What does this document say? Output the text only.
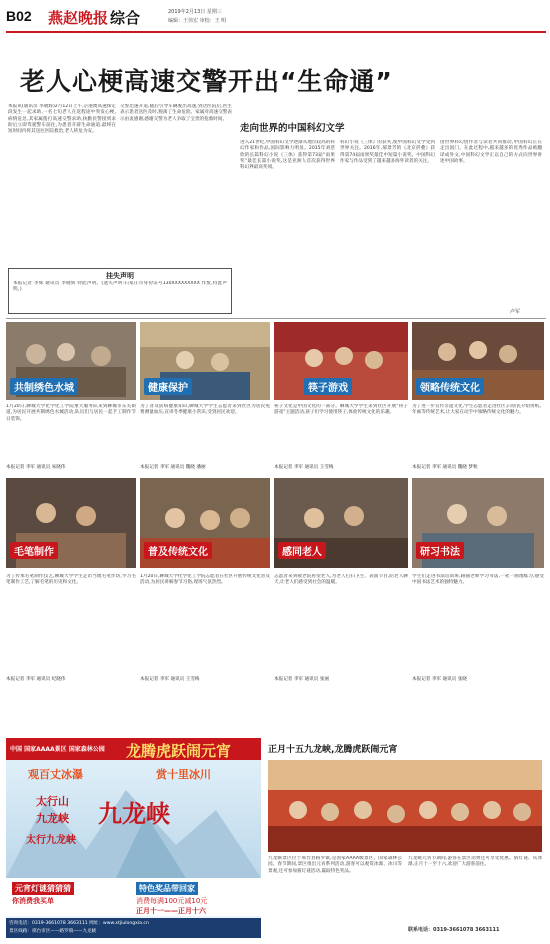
B02 燕赵晚报 综合	2019年2月13日 星期三
编辑：王伟宏 审校：王 明
老人心梗高速交警开出“生命通”
本报讯(通讯员 李晓辉)2月12日上午,京港澳高速保定段发生一起求助,一名七旬老人在返程途中突发心梗,病情危急,其家属拨打高速交警求助,执勤民警接到求助后立即驾驶警车前往,为患者开辟生命通道,最终在短时间内将其送往医院救治,老人转危为安。
交警迅速开道,随后引导车辆驶出高速,到达医院后,医生表示患者送医及时,脱离了生命危险。家属对高速交警表示由衷感谢,感谢交警为老人争取了宝贵的抢救时间。
挂失声明
本报记者 李辉 通讯员 李晓辉 特此声明。(遗失声明:石家庄市身份证号130XXXXXXXXX 作废,特此声明。)
走向世界的中国科幻文学
进入21世纪,中国科幻文学逐渐从地位较高的科幻作家和作品,国际影响力明显。2015年刘慈欣的长篇科幻小说《三体》获得第73届“雨果奖”最佳长篇小说奖,这是亚洲人首次获得世界科幻界最高奖项。
科幻小说《三体》的获奖,使中国科幻文学受到世界关注。2016年,郝景芳的《北京折叠》获得第74届雨果奖最佳中短篇小说奖。中国科幻作家与作品受到了越来越多海外读者的关注。
由世界科幻创作者与读者共同推动,中国科幻正在走出国门。在此过程中,越来越多的优秀作品被翻译成外文,中国科幻文学正以自己的方式向世界讲述中国故事。
卢军
共制绣色水城	健康保护	筷子游戏	领略传统文化
1月20日,聊城大学化学化工学院重大服务队来到聊城市东关街道,为居民开展共制绣色水城活动,队员们与居民一起手工制作节日装饰。
为了普及防病健康知识,聊城大学学生志愿者来到社区为居民免费测量血压,宣讲冬季健康小常识,受到居民欢迎。
筷子文化是中国文化的一部分。聊城大学学生来到社区开展“筷子游戏”主题活动,孩子们学习使用筷子,体验传统文化的乐趣。
为了进一步宣传非遗文化,学生志愿者走进社区,向居民介绍剪纸、年画等传统艺术,让大家在动手中领略传统文化的魅力。
本报记者 李军 通讯员 朱晓伟	本报记者 李军 通讯员 魏晓 潘丽	本报记者 李军 通讯员 王雪梅	本报记者 李军 通讯员 魏晓 梦秋
毛笔制作	普及传统文化	感同老人	研习书法
为了传承毛笔制作技艺,聊城大学学生走访当地毛笔作坊,学习毛笔制作工艺,了解毛笔的历史和文化。
1月20日,聊城大学化学化工学院志愿者在社区开展传统文化普及活动,为居民讲解春节习俗,现场气氛热烈。
志愿者来到敬老院看望老人,为老人打扫卫生、表演节目,陪老人聊天,让老人们感受到社会的温暖。
学生们走进书法培训班,跟随老师学习书法,一笔一画地练习,感受中国书法艺术的独特魅力。
本报记者 李军 通讯员 纪晓伟	本报记者 李军 通讯员 王雪梅	本报记者 李军 通讯员 张丽	本报记者 李军 通讯员 张晓
中国 国家AAAA景区 国家森林公园 龙腾虎跃闹元宵
观百丈冰瀑	赏十里冰川
九龙峡
太行山
九龙峡
太行九龙峡
元宵灯谜猜猜猜	特色奖品带回家
你消费我买单	消费每满100元减10元
正月十一——正月十六
咨询电话：0319-3661078 3663111 网址：www.xtjiulongxia.cn
景区线路：邢台市区——路罗镇——九龙峡
正月十五九龙峡,龙腾虎跃闹元宵
九龙峡景区位于邢台县路罗镇,是国家AAAA级景区、国家森林公园。春节期间,景区推出元宵系列活动,游客可以观赏冰瀑、冰川等景观,还可参加猜灯谜活动,赢取特色奖品。
九龙峡元宵节期间,游客在景区消费还可享受优惠。猜灯谜、赏冰瀑,正月十一至十六,欢迎广大游客前往。
联系电话：0319-3661078 3663111
